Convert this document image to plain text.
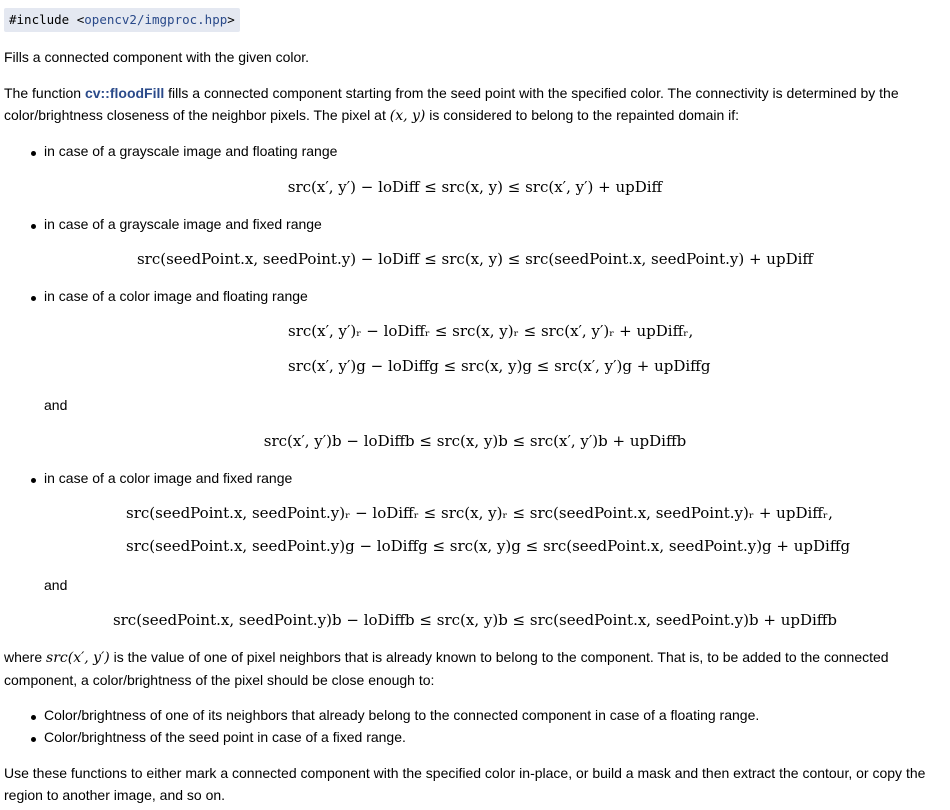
#include <opencv2/imgproc.hpp>
Fills a connected component with the given color.
The function cv::floodFill fills a connected component starting from the seed point with the specified color. The connectivity is determined by the color/brightness closeness of the neighbor pixels. The pixel at (x, y) is considered to belong to the repainted domain if:
in case of a grayscale image and floating range
src(x′, y′) − loDiff ≤ src(x, y) ≤ src(x′, y′) + upDiff
in case of a grayscale image and fixed range
src(seedPoint.x, seedPoint.y) − loDiff ≤ src(x, y) ≤ src(seedPoint.x, seedPoint.y) + upDiff
in case of a color image and floating range
src(x′, y′)ᵣ − loDiffᵣ ≤ src(x, y)ᵣ ≤ src(x′, y′)ᵣ + upDiffᵣ,
src(x′, y′)g − loDiffg ≤ src(x, y)g ≤ src(x′, y′)g + upDiffg
and
src(x′, y′)b − loDiffb ≤ src(x, y)b ≤ src(x′, y′)b + upDiffb
in case of a color image and fixed range
src(seedPoint.x, seedPoint.y)ᵣ − loDiffᵣ ≤ src(x, y)ᵣ ≤ src(seedPoint.x, seedPoint.y)ᵣ + upDiffᵣ,
src(seedPoint.x, seedPoint.y)g − loDiffg ≤ src(x, y)g ≤ src(seedPoint.x, seedPoint.y)g + upDiffg
and
src(seedPoint.x, seedPoint.y)b − loDiffb ≤ src(x, y)b ≤ src(seedPoint.x, seedPoint.y)b + upDiffb
where src(x′, y′) is the value of one of pixel neighbors that is already known to belong to the component. That is, to be added to the connected component, a color/brightness of the pixel should be close enough to:
Color/brightness of one of its neighbors that already belong to the connected component in case of a floating range.
Color/brightness of the seed point in case of a fixed range.
Use these functions to either mark a connected component with the specified color in-place, or build a mask and then extract the contour, or copy the region to another image, and so on.
